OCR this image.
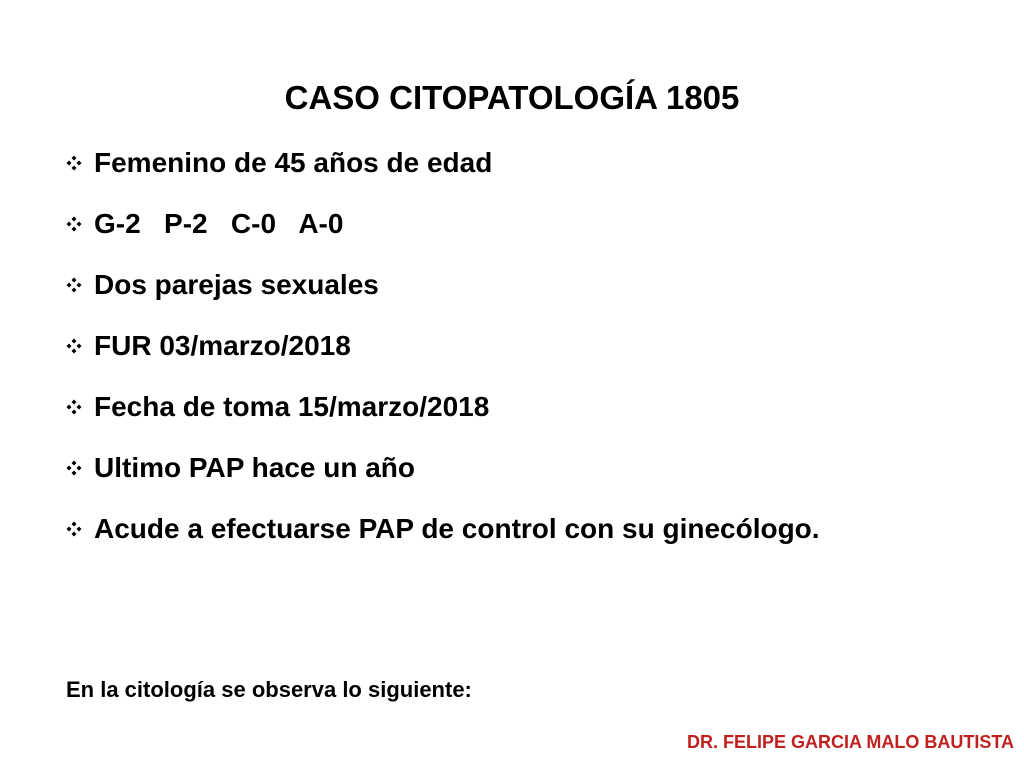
CASO CITOPATOLOGÍA 1805
Femenino de 45 años de edad
G-2   P-2   C-0   A-0
Dos parejas sexuales
FUR 03/marzo/2018
Fecha de toma 15/marzo/2018
Ultimo PAP hace un año
Acude a efectuarse PAP de control con su ginecólogo.
En la citología se observa lo siguiente:
DR. FELIPE GARCIA MALO BAUTISTA
